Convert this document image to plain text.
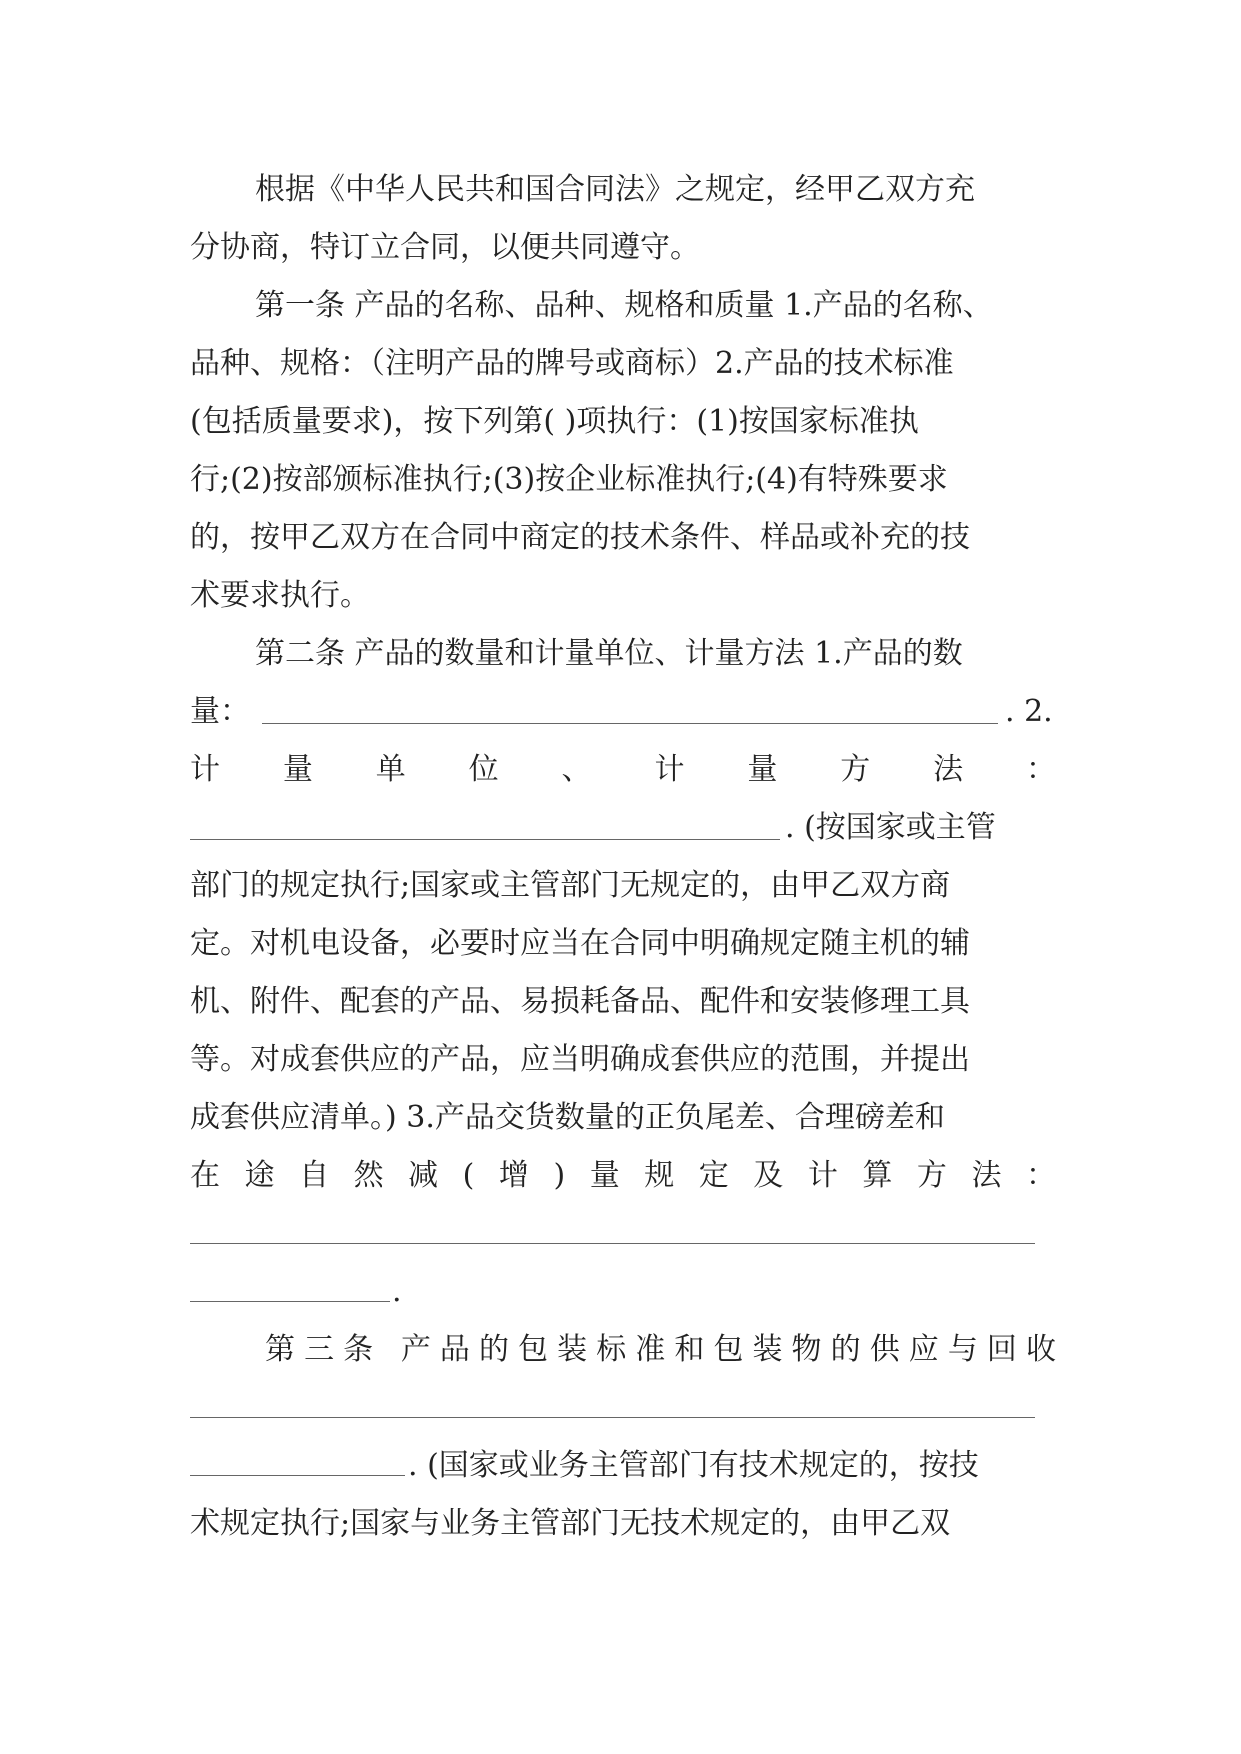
根据《中华人民共和国合同法》之规定，经甲乙双方充
分协商，特订立合同，以便共同遵守。
第一条 产品的名称、品种、规格和质量 1.产品的名称、
品种、规格：（注明产品的牌号或商标）2.产品的技术标准
(包括质量要求)，按下列第( )项执行：(1)按国家标准执
行;(2)按部颁标准执行;(3)按企业标准执行;(4)有特殊要求
的，按甲乙双方在合同中商定的技术条件、样品或补充的技
术要求执行。
第二条 产品的数量和计量单位、计量方法 1.产品的数
量：	. 2.
计量单位、计量方法：
. (按国家或主管
部门的规定执行;国家或主管部门无规定的，由甲乙双方商
定。对机电设备，必要时应当在合同中明确规定随主机的辅
机、附件、配套的产品、易损耗备品、配件和安装修理工具
等。对成套供应的产品，应当明确成套供应的范围，并提出
成套供应清单。) 3.产品交货数量的正负尾差、合理磅差和
在途自然减(增)量规定及计算方法：
.
第三条 产品的包装标准和包装物的供应与回收
. (国家或业务主管部门有技术规定的，按技
术规定执行;国家与业务主管部门无技术规定的，由甲乙双
